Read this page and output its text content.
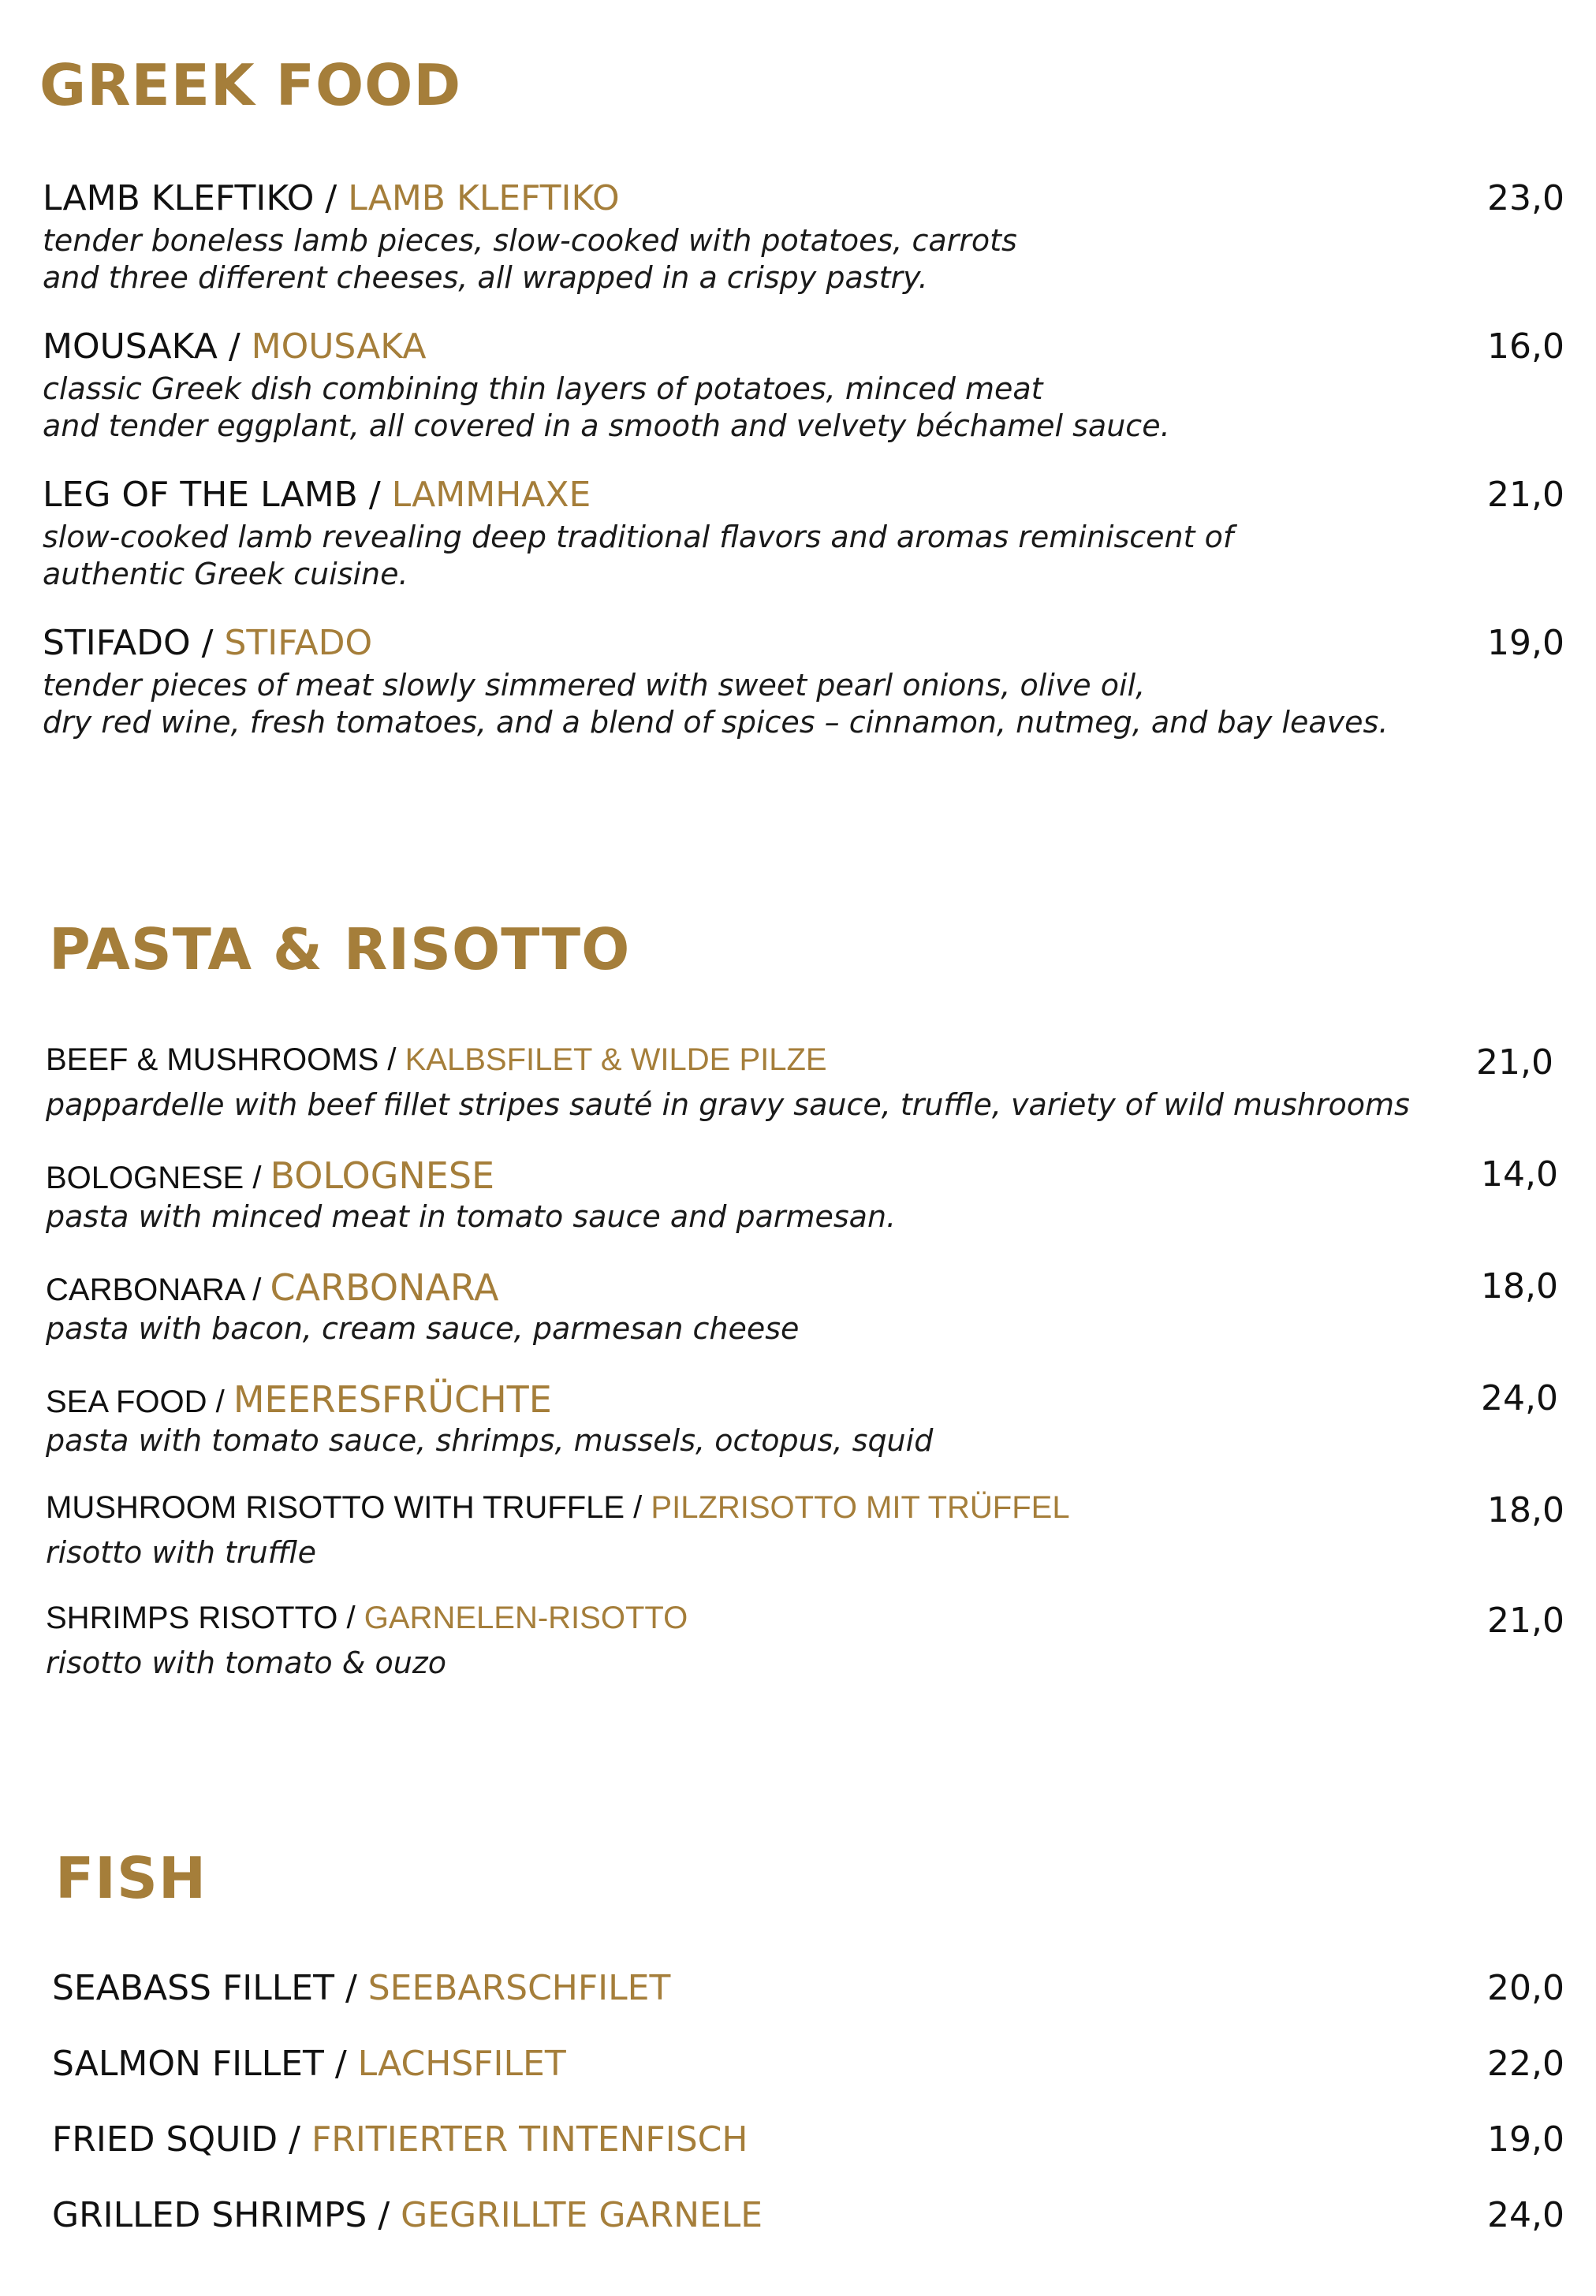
GREEK FOOD
LAMB KLEFTIKO / LAMB KLEFTIKO	23,0
tender boneless lamb pieces, slow-cooked with potatoes, carrots
and three different cheeses, all wrapped in a crispy pastry.
MOUSAKA / MOUSAKA	16,0
classic Greek dish combining thin layers of potatoes, minced meat
and tender eggplant, all covered in a smooth and velvety béchamel sauce.
LEG OF THE LAMB / LAMMHAXE	21,0
slow-cooked lamb revealing deep traditional flavors and aromas reminiscent of
authentic Greek cuisine.
STIFADO / STIFADO	19,0
tender pieces of meat slowly simmered with sweet pearl onions, olive oil,
dry red wine, fresh tomatoes, and a blend of spices – cinnamon, nutmeg, and bay leaves.
PASTA & RISOTTO
BEEF & MUSHROOMS / KALBSFILET & WILDE PILZE	21,0
pappardelle with beef fillet stripes sauté in gravy sauce, truffle, variety of wild mushrooms
BOLOGNESE / BOLOGNESE	14,0
pasta with minced meat in tomato sauce and parmesan.
CARBONARA / CARBONARA	18,0
pasta with bacon, cream sauce, parmesan cheese
SEA FOOD / MEERESFRÜCHTE	24,0
pasta with tomato sauce, shrimps, mussels, octopus, squid
MUSHROOM RISOTTO WITH TRUFFLE / PILZRISOTTO MIT TRÜFFEL	18,0
risotto with truffle
SHRIMPS RISOTTO / GARNELEN-RISOTTO	21,0
risotto with tomato & ouzo
FISH
SEABASS FILLET / SEEBARSCHFILET	20,0
SALMON FILLET / LACHSFILET	22,0
FRIED SQUID / FRITIERTER TINTENFISCH	19,0
GRILLED SHRIMPS / GEGRILLTE GARNELE	24,0
